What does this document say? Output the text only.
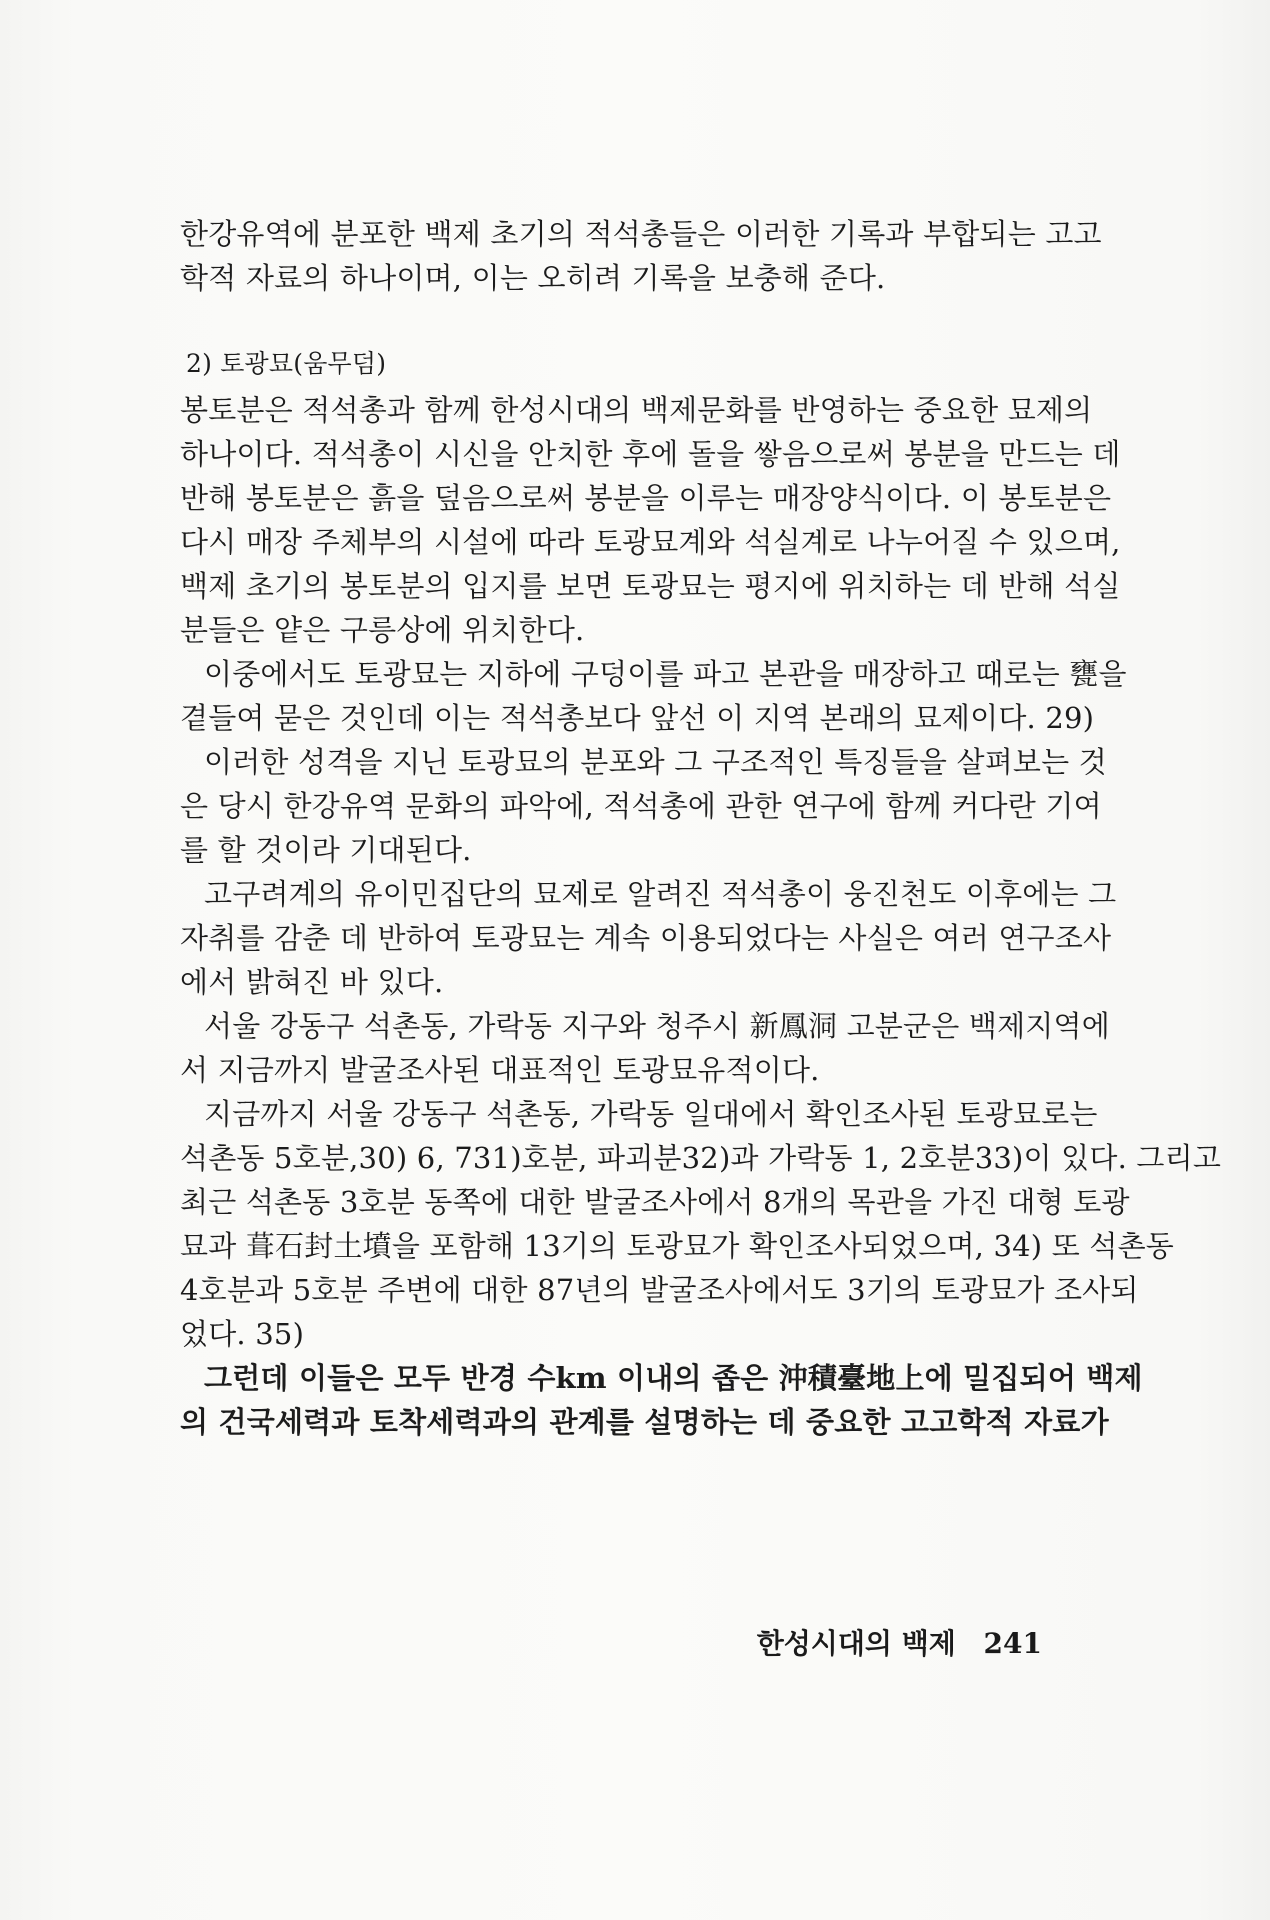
한강유역에 분포한 백제 초기의 적석총들은 이러한 기록과 부합되는 고고
학적 자료의 하나이며, 이는 오히려 기록을 보충해 준다.
2) 토광묘(움무덤)
봉토분은 적석총과 함께 한성시대의 백제문화를 반영하는 중요한 묘제의
하나이다. 적석총이 시신을 안치한 후에 돌을 쌓음으로써 봉분을 만드는 데
반해 봉토분은 흙을 덮음으로써 봉분을 이루는 매장양식이다. 이 봉토분은
다시 매장 주체부의 시설에 따라 토광묘계와 석실계로 나누어질 수 있으며,
백제 초기의 봉토분의 입지를 보면 토광묘는 평지에 위치하는 데 반해 석실
분들은 얕은 구릉상에 위치한다.
이중에서도 토광묘는 지하에 구덩이를 파고 본관을 매장하고 때로는 甕을
곁들여 묻은 것인데 이는 적석총보다 앞선 이 지역 본래의 묘제이다. 29)
이러한 성격을 지닌 토광묘의 분포와 그 구조적인 특징들을 살펴보는 것
은 당시 한강유역 문화의 파악에, 적석총에 관한 연구에 함께 커다란 기여
를 할 것이라 기대된다.
고구려계의 유이민집단의 묘제로 알려진 적석총이 웅진천도 이후에는 그
자취를 감춘 데 반하여 토광묘는 계속 이용되었다는 사실은 여러 연구조사
에서 밝혀진 바 있다.
서울 강동구 석촌동, 가락동 지구와 청주시 新鳳洞 고분군은 백제지역에
서 지금까지 발굴조사된 대표적인 토광묘유적이다.
지금까지 서울 강동구 석촌동, 가락동 일대에서 확인조사된 토광묘로는
석촌동 5호분,30) 6, 731)호분, 파괴분32)과 가락동 1, 2호분33)이 있다. 그리고
최근 석촌동 3호분 동쪽에 대한 발굴조사에서 8개의 목관을 가진 대형 토광
묘과 葺石封土墳을 포함해 13기의 토광묘가 확인조사되었으며, 34) 또 석촌동
4호분과 5호분 주변에 대한 87년의 발굴조사에서도 3기의 토광묘가 조사되
었다. 35)
그런데 이들은 모두 반경 수km 이내의 좁은 沖積臺地上에 밀집되어 백제
의 건국세력과 토착세력과의 관계를 설명하는 데 중요한 고고학적 자료가
한성시대의 백제 241
